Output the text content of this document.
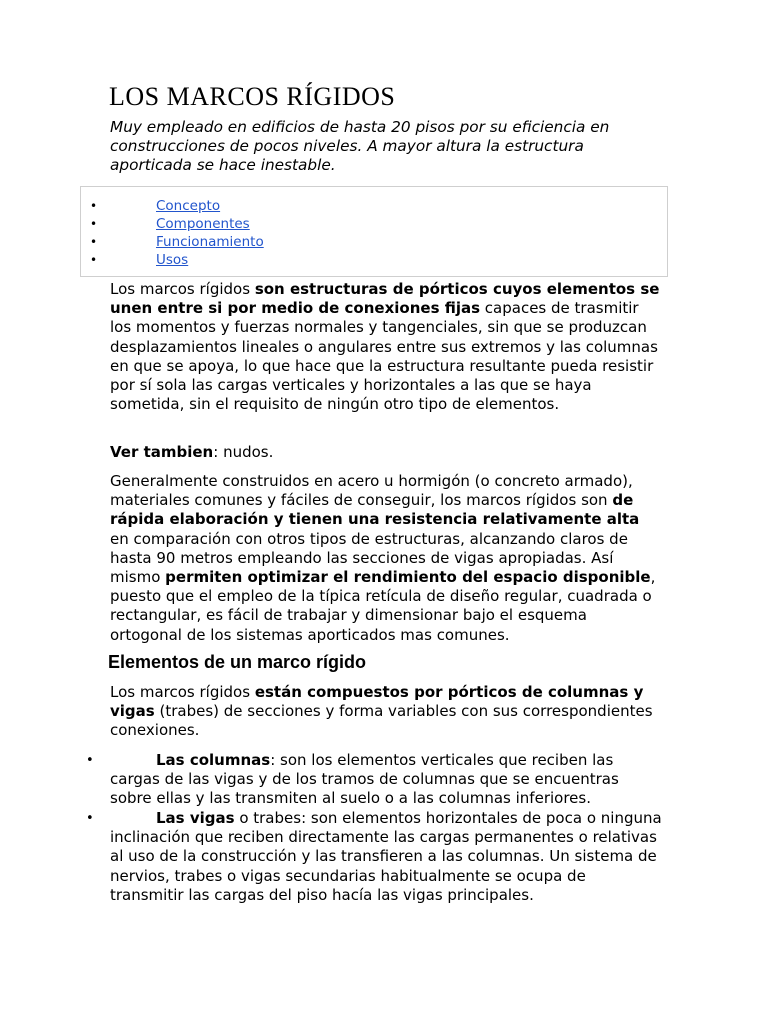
LOS MARCOS RÍGIDOS

Muy empleado en edificios de hasta 20 pisos por su eficiencia en construcciones de pocos niveles. A mayor altura la estructura aporticada se hace inestable.

•	Concepto
•	Componentes
•	Funcionamiento
•	Usos

Los marcos rígidos son estructuras de pórticos cuyos elementos se unen entre si por medio de conexiones fijas capaces de trasmitir los momentos y fuerzas normales y tangenciales, sin que se produzcan desplazamientos lineales o angulares entre sus extremos y las columnas en que se apoya, lo que hace que la estructura resultante pueda resistir por sí sola las cargas verticales y horizontales a las que se haya sometida, sin el requisito de ningún otro tipo de elementos.

Ver tambien: nudos.

Generalmente construidos en acero u hormigón (o concreto armado), materiales comunes y fáciles de conseguir, los marcos rígidos son de rápida elaboración y tienen una resistencia relativamente alta en comparación con otros tipos de estructuras, alcanzando claros de hasta 90 metros empleando las secciones de vigas apropiadas. Así mismo permiten optimizar el rendimiento del espacio disponible, puesto que el empleo de la típica retícula de diseño regular, cuadrada o rectangular, es fácil de trabajar y dimensionar bajo el esquema ortogonal de los sistemas aporticados mas comunes.

Elementos de un marco rígido

Los marcos rígidos están compuestos por pórticos de columnas y vigas (trabes) de secciones y forma variables con sus correspondientes conexiones.

•	Las columnas: son los elementos verticales que reciben las cargas de las vigas y de los tramos de columnas que se encuentras sobre ellas y las transmiten al suelo o a las columnas inferiores.

•	Las vigas o trabes: son elementos horizontales de poca o ninguna inclinación que reciben directamente las cargas permanentes o relativas al uso de la construcción y las transfieren a las columnas. Un sistema de nervios, trabes o vigas secundarias habitualmente se ocupa de transmitir las cargas del piso hacía las vigas principales.
